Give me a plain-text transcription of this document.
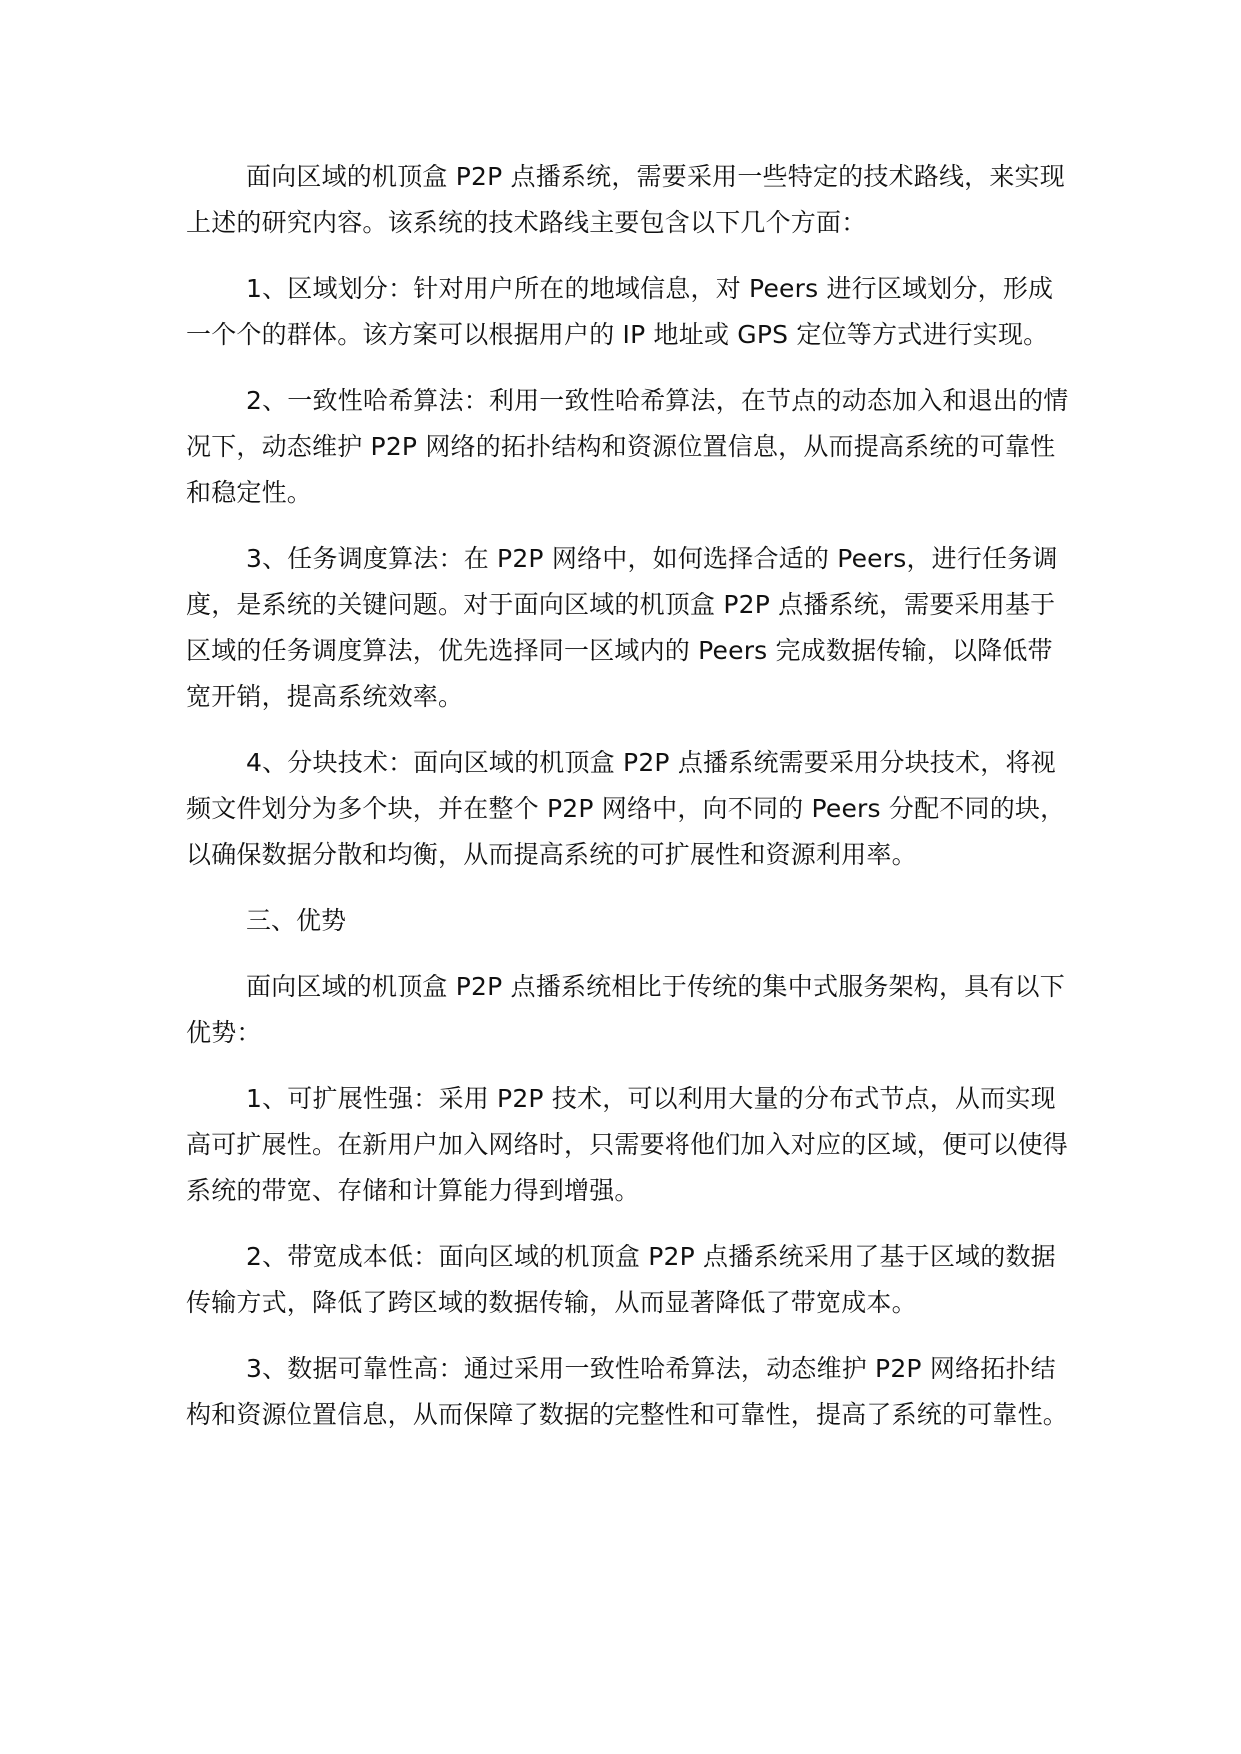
面向区域的机顶盒 P2P 点播系统，需要采用一些特定的技术路线，来实现上述的研究内容。该系统的技术路线主要包含以下几个方面：

1、区域划分：针对用户所在的地域信息，对 Peers 进行区域划分，形成一个个的群体。该方案可以根据用户的 IP 地址或 GPS 定位等方式进行实现。

2、一致性哈希算法：利用一致性哈希算法，在节点的动态加入和退出的情况下，动态维护 P2P 网络的拓扑结构和资源位置信息，从而提高系统的可靠性和稳定性。

3、任务调度算法：在 P2P 网络中，如何选择合适的 Peers，进行任务调度，是系统的关键问题。对于面向区域的机顶盒 P2P 点播系统，需要采用基于区域的任务调度算法，优先选择同一区域内的 Peers 完成数据传输，以降低带宽开销，提高系统效率。

4、分块技术：面向区域的机顶盒 P2P 点播系统需要采用分块技术，将视频文件划分为多个块，并在整个 P2P 网络中，向不同的 Peers 分配不同的块，以确保数据分散和均衡，从而提高系统的可扩展性和资源利用率。

三、优势

面向区域的机顶盒 P2P 点播系统相比于传统的集中式服务架构，具有以下优势：

1、可扩展性强：采用 P2P 技术，可以利用大量的分布式节点，从而实现高可扩展性。在新用户加入网络时，只需要将他们加入对应的区域，便可以使得系统的带宽、存储和计算能力得到增强。

2、带宽成本低：面向区域的机顶盒 P2P 点播系统采用了基于区域的数据传输方式，降低了跨区域的数据传输，从而显著降低了带宽成本。

3、数据可靠性高：通过采用一致性哈希算法，动态维护 P2P 网络拓扑结构和资源位置信息，从而保障了数据的完整性和可靠性，提高了系统的可靠性。
